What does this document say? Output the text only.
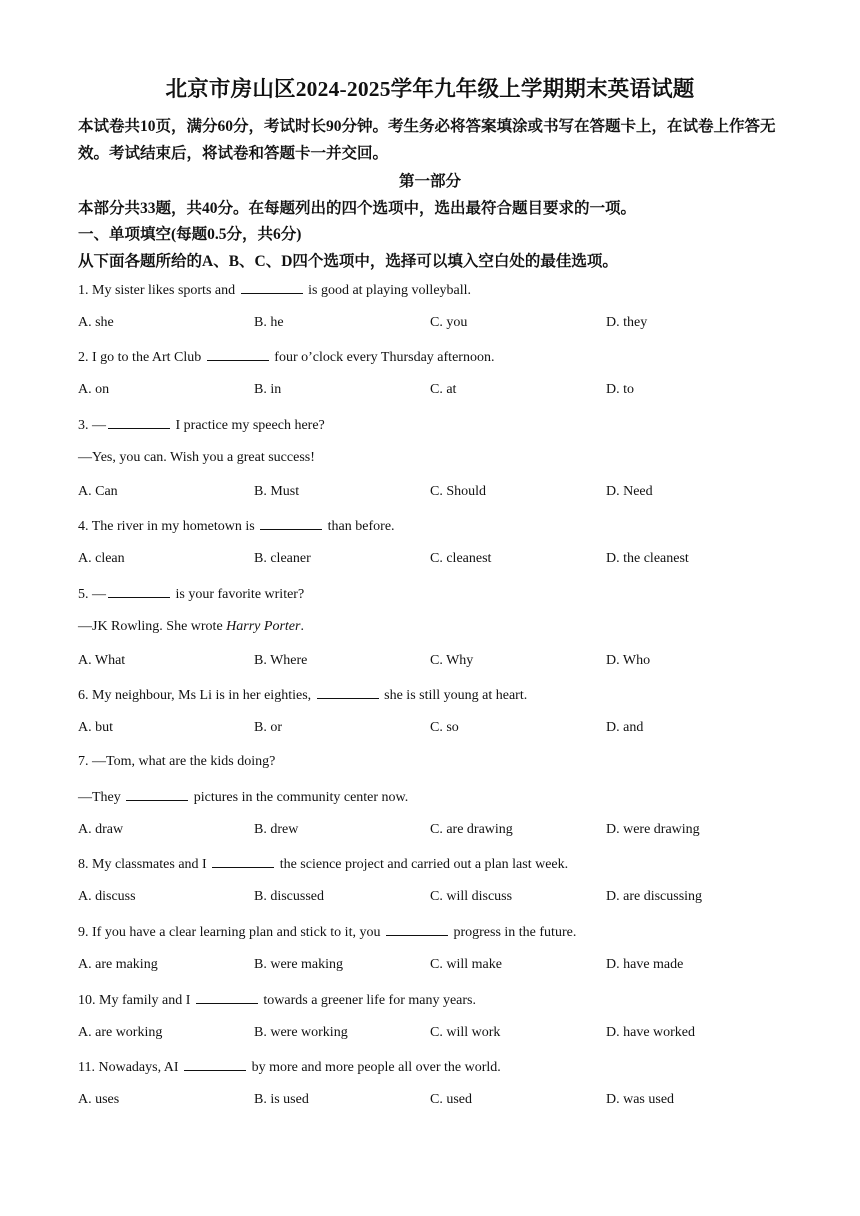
北京市房山区2024-2025学年九年级上学期期末英语试题
本试卷共10页，满分60分，考试时长90分钟。考生务必将答案填涂或书写在答题卡上，在试卷上作答无效。考试结束后，将试卷和答题卡一并交回。
第一部分
本部分共33题，共40分。在每题列出的四个选项中，选出最符合题目要求的一项。
一、单项填空(每题0.5分，共6分)
从下面各题所给的A、B、C、D四个选项中，选择可以填入空白处的最佳选项。
1. My sister likes sports and	is good at playing volleyball.
A. she	B. he	C. you	D. they
2. I go to the Art Club	four o’clock every Thursday afternoon.
A. on	B. in	C. at	D. to
3. —	I practice my speech here?
—Yes, you can. Wish you a great success!
A. Can	B. Must	C. Should	D. Need
4. The river in my hometown is	than before.
A. clean	B. cleaner	C. cleanest	D. the cleanest
5. —	is your favorite writer?
—JK Rowling. She wrote Harry Porter.
A. What	B. Where	C. Why	D. Who
6. My neighbour, Ms Li is in her eighties,	she is still young at heart.
A. but	B. or	C. so	D. and
7. —Tom, what are the kids doing?
—They	pictures in the community center now.
A. draw	B. drew	C. are drawing	D. were drawing
8. My classmates and I	the science project and carried out a plan last week.
A. discuss	B. discussed	C. will discuss	D. are discussing
9. If you have a clear learning plan and stick to it, you	progress in the future.
A. are making	B. were making	C. will make	D. have made
10. My family and I	towards a greener life for many years.
A. are working	B. were working	C. will work	D. have worked
11. Nowadays, AI	by more and more people all over the world.
A. uses	B. is used	C. used	D. was used
